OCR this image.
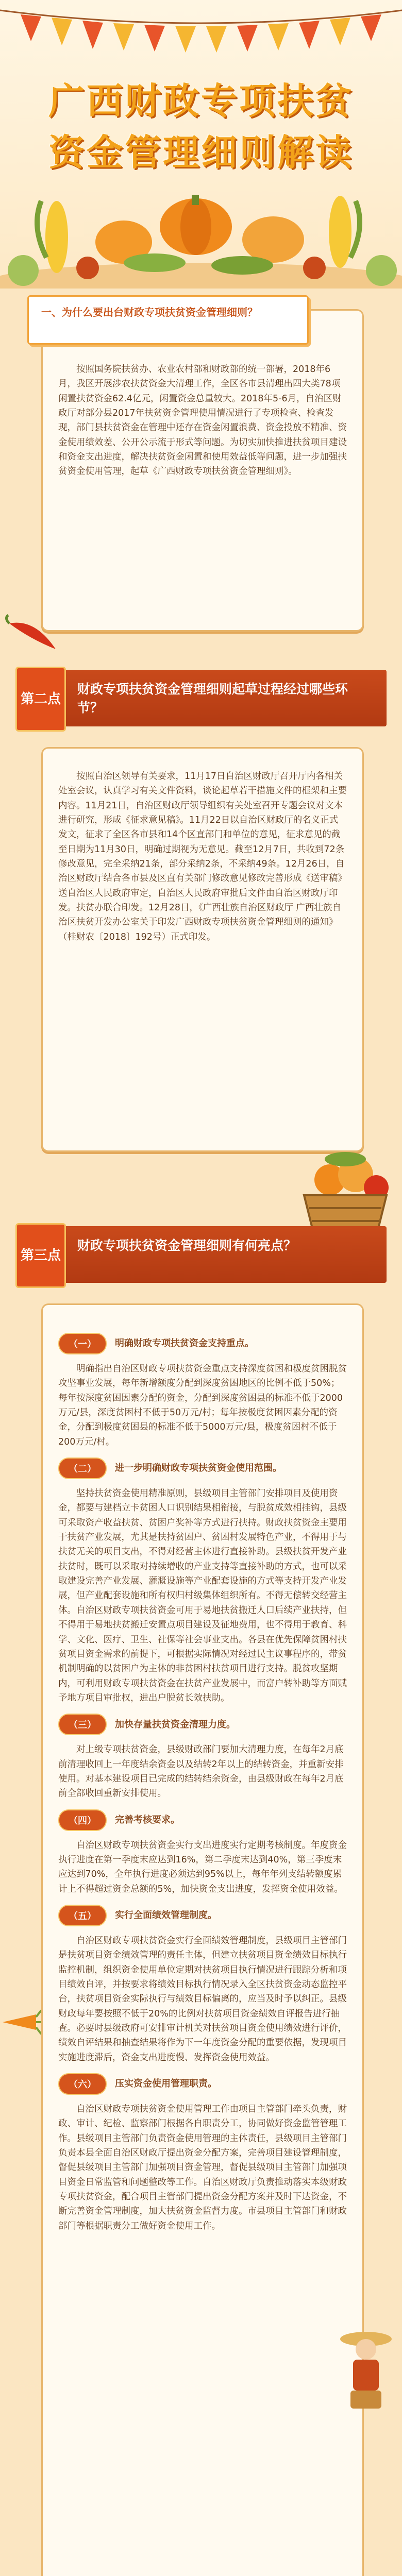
广西财政专项扶贫
资金管理细则解读
一、为什么要出台财政专项扶贫资金管理细则？

按照国务院扶贫办、农业农村部和财政部的统一部署，2018年6月，我区开展涉农扶贫资金大清理工作，全区各市县清理出四大类78项闲置扶贫资金62.4亿元，闲置资金总量较大。2018年5-6月，自治区财政厅对部分县2017年扶贫资金管理使用情况进行了专项检查、检查发现，部门县扶贫资金在管理中还存在资金闲置浪费、资金投放不精准、资金使用绩效差、公开公示流于形式等问题。为切实加快推进扶贫项目建设和资金支出进度，解决扶贫资金闲置和使用效益低等问题，进一步加强扶贫资金使用管理，起草《广西财政专项扶贫资金管理细则》。

第二点
财政专项扶贫资金管理细则起草过程经过哪些环节？

按照自治区领导有关要求，11月17日自治区财政厅召开厅内各相关处室会议，认真学习有关文件资料，谈论起草若干措施文件的框架和主要内容。11月21日，自治区财政厅领导组织有关处室召开专题会议对文本进行研究，形成《征求意见稿》。11月22日以自治区财政厅的名义正式发文，征求了全区各市县和14个区直部门和单位的意见，征求意见的截至日期为11月30日，明确过期视为无意见。截至12月7日，共收到72条修改意见，完全采纳21条，部分采纳2条，不采纳49条。12月26日，自治区财政厅结合各市县及区直有关部门修改意见修改完善形成《送审稿》送自治区人民政府审定，自治区人民政府审批后文件由自治区财政厅印发。扶贫办联合印发。12月28日，《广西壮族自治区财政厅 广西壮族自治区扶贫开发办公室关于印发广西财政专项扶贫资金管理细则的通知》（桂财农〔2018〕192号）正式印发。

第三点
财政专项扶贫资金管理细则有何亮点？
（一）	明确财政专项扶贫资金支持重点。

明确指出自治区财政专项扶贫资金重点支持深度贫困和极度贫困脱贫攻坚事业发展，每年新增额度分配到深度贫困地区的比例不低于50%；每年按深度贫困因素分配的资金，分配到深度贫困县的标准不低于2000万元/县，深度贫困村不低于50万元/村；每年按极度贫困因素分配的资金，分配到极度贫困县的标准不低于5000万元/县，极度贫困村不低于200万元/村。

（二）	进一步明确财政专项扶贫资金使用范围。

坚持扶贫资金使用精准原则，县级项目主管部门安排项目及使用资金，都要与建档立卡贫困人口识别结果相衔接，与脱贫成效相挂钩，县级可采取资产收益扶贫、贫困户奖补等方式进行扶持。财政扶贫资金主要用于扶贫产业发展，尤其是扶持贫困户、贫困村发展特色产业，不得用于与扶贫无关的项目支出，不得对经营主体进行直接补助。县级扶贫开发产业扶贫时，既可以采取对持续增收的产业支持等直接补助的方式，也可以采取建设完善产业发展、灌溉设施等产业配套设施的方式等支持开发产业发展，但产业配套设施和所有权归村级集体组织所有。不得无偿转交经营主体。自治区财政专项扶贫资金可用于易地扶贫搬迁人口后续产业扶持，但不得用于易地扶贫搬迁安置点项目建设及征地费用，也不得用于教育、科学、文化、医疗、卫生、社保等社会事业支出。各县在优先保障贫困村扶贫项目资金需求的前提下，可根据实际情况对经过民主议事程序的，带贫机制明确的以贫困户为主体的非贫困村扶贫项目进行支持。脱贫攻坚期内，可利用财政专项扶贫资金在扶贫产业发展中，而富户转补助等方面赋予地方项目审批权，进出户脱贫长效扶助。

（三）	加快存量扶贫资金清理力度。

对上级专项扶贫资金，县级财政部门要加大清理力度，在每年2月底前清理收回上一年度结余资金以及结转2年以上的结转资金，并重新安排使用。对基本建设项目已完成的结转结余资金，由县级财政在每年2月底前全部收回重新安排使用。

（四）	完善考核要求。

自治区财政专项扶贫资金实行支出进度实行定期考核制度。年度资金执行进度在第一季度末应达到16%，第二季度末达到40%，第三季度末应达到70%，全年执行进度必须达到95%以上，每年年列支结转额度累计上不得超过资金总额的5%，加快资金支出进度，发挥资金使用效益。

（五）	实行全面绩效管理制度。

自治区财政专项扶贫资金实行全面绩效管理制度，县级项目主管部门是扶贫项目资金绩效管理的责任主体，但建立扶贫项目资金绩效目标执行监控机制，组织资金使用单位定期对扶贫项目执行情况进行跟踪分析和项目绩效自评，并按要求将绩效目标执行情况录入全区扶贫资金动态监控平台，扶贫项目资金实际执行与绩效目标偏离的，应当及时予以纠正。县级财政每年要按照不低于20%的比例对扶贫项目资金绩效自评报告进行抽查。必要时县级政府可安排审计机关对扶贫项目资金使用绩效进行评价，绩效自评结果和抽查结果将作为下一年度资金分配的重要依据，发现项目实施进度滞后，资金支出进度慢、发挥资金使用效益。

（六）	压实资金使用管理职责。

自治区财政专项扶贫资金使用管理工作由项目主管部门牵头负责，财政、审计、纪检、监察部门根据各自职责分工，协同做好资金监管管理工作。县级项目主管部门负责资金使用管理的主体责任，县级项目主管部门负责本县全面自治区财政厅提出资金分配方案，完善项目建设管理制度，督促县级项目主管部门加强项目资金管理，督促县级项目主管部门加强项目资金日常监管和问题整改等工作。自治区财政厅负责推动落实本级财政专项扶贫资金，配合项目主管部门提出资金分配方案并及时下达资金，不断完善资金管理制度，加大扶贫资金监督力度。市县项目主管部门和财政部门等根据职责分工做好资金使用工作。
